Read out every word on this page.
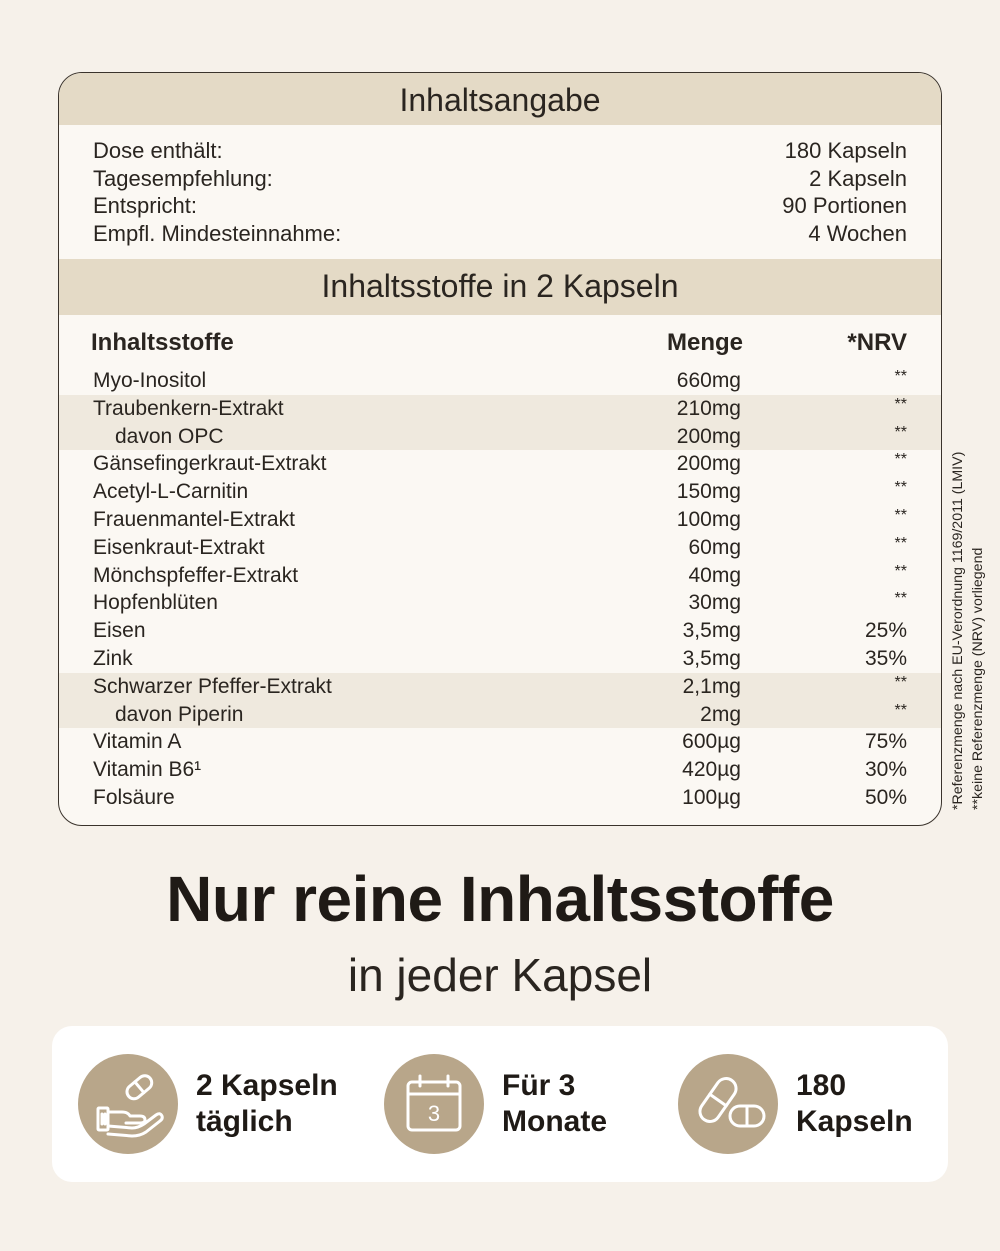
Inhaltsangabe
Dose enthält:	180 Kapseln
Tagesempfehlung:	2 Kapseln
Entspricht:	90 Portionen
Empfl. Mindesteinnahme:	4 Wochen
Inhaltsstoffe in 2 Kapseln
Inhaltsstoffe	Menge	*NRV
Myo-Inositol	660mg	**
Traubenkern-Extrakt	210mg	**
davon OPC	200mg	**
Gänsefingerkraut-Extrakt	200mg	**
Acetyl-L-Carnitin	150mg	**
Frauenmantel-Extrakt	100mg	**
Eisenkraut-Extrakt	60mg	**
Mönchspfeffer-Extrakt	40mg	**
Hopfenblüten	30mg	**
Eisen	3,5mg	25%
Zink	3,5mg	35%
Schwarzer Pfeffer-Extrakt	2,1mg	**
davon Piperin	2mg	**
Vitamin A	600µg	75%
Vitamin B6¹	420µg	30%
Folsäure	100µg	50%	*Referenzmenge nach EU-Verordnung 1169/2011 (LMIV) **keine Referenzmenge (NRV) vorliegend
Nur reine Inhaltsstoffe
in jeder Kapsel
2 Kapseln
täglich	3
Für 3
Monate
180
Kapseln
